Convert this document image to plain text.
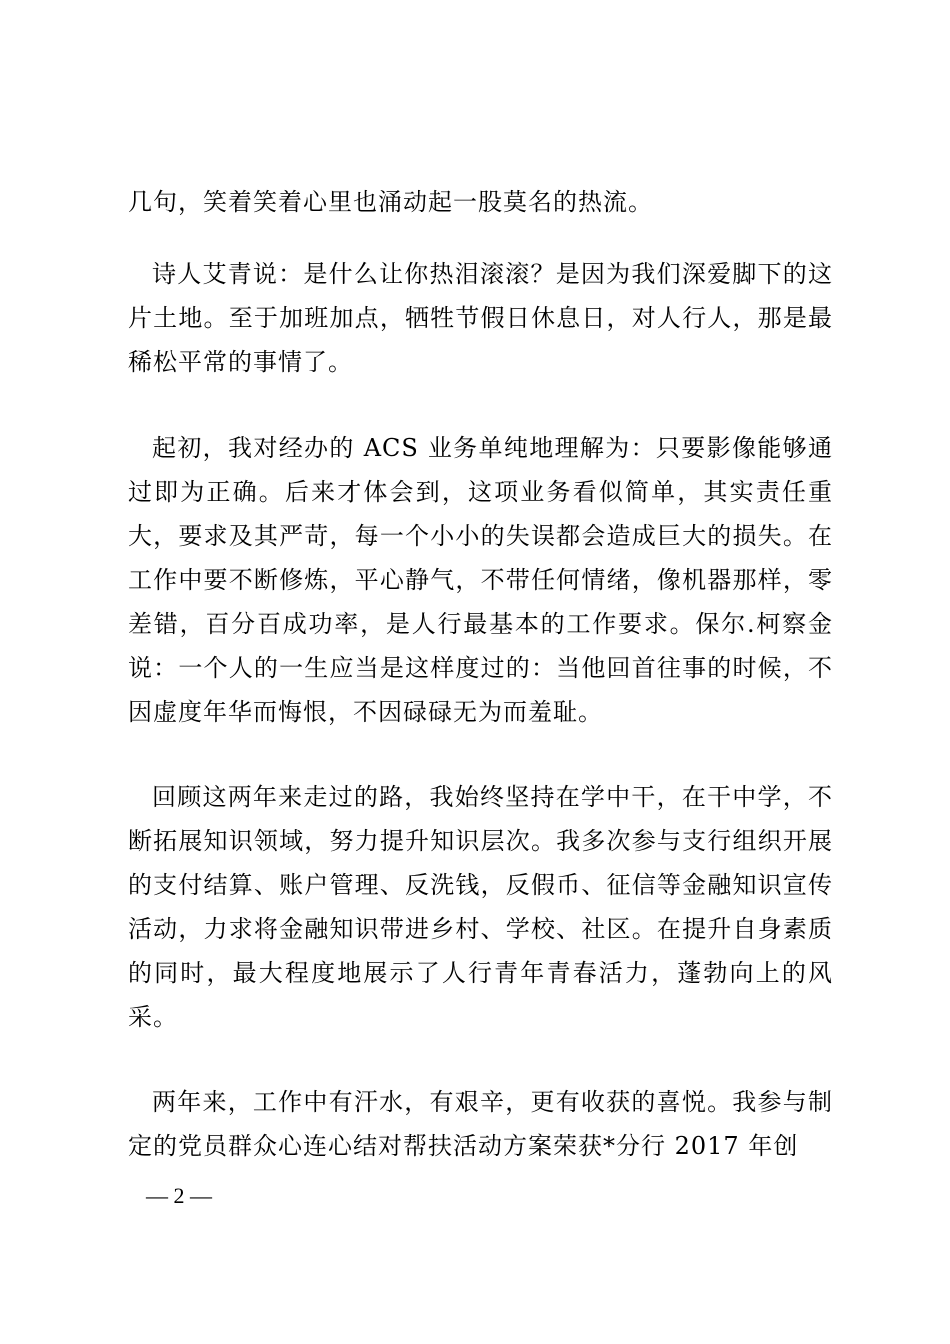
几句，笑着笑着心里也涌动起一股莫名的热流。

诗人艾青说：是什么让你热泪滚滚？是因为我们深爱脚下的这片土地。至于加班加点，牺牲节假日休息日，对人行人，那是最稀松平常的事情了。

起初，我对经办的 ACS 业务单纯地理解为：只要影像能够通过即为正确。后来才体会到，这项业务看似简单，其实责任重大，要求及其严苛，每一个小小的失误都会造成巨大的损失。在工作中要不断修炼，平心静气，不带任何情绪，像机器那样，零差错，百分百成功率，是人行最基本的工作要求。保尔.柯察金说：一个人的一生应当是这样度过的：当他回首往事的时候，不因虚度年华而悔恨，不因碌碌无为而羞耻。

回顾这两年来走过的路，我始终坚持在学中干，在干中学，不断拓展知识领域，努力提升知识层次。我多次参与支行组织开展的支付结算、账户管理、反洗钱，反假币、征信等金融知识宣传活动，力求将金融知识带进乡村、学校、社区。在提升自身素质的同时，最大程度地展示了人行青年青春活力，蓬勃向上的风采。

两年来，工作中有汗水，有艰辛，更有收获的喜悦。我参与制定的党员群众心连心结对帮扶活动方案荣获*分行 2017 年创

— 2 —
